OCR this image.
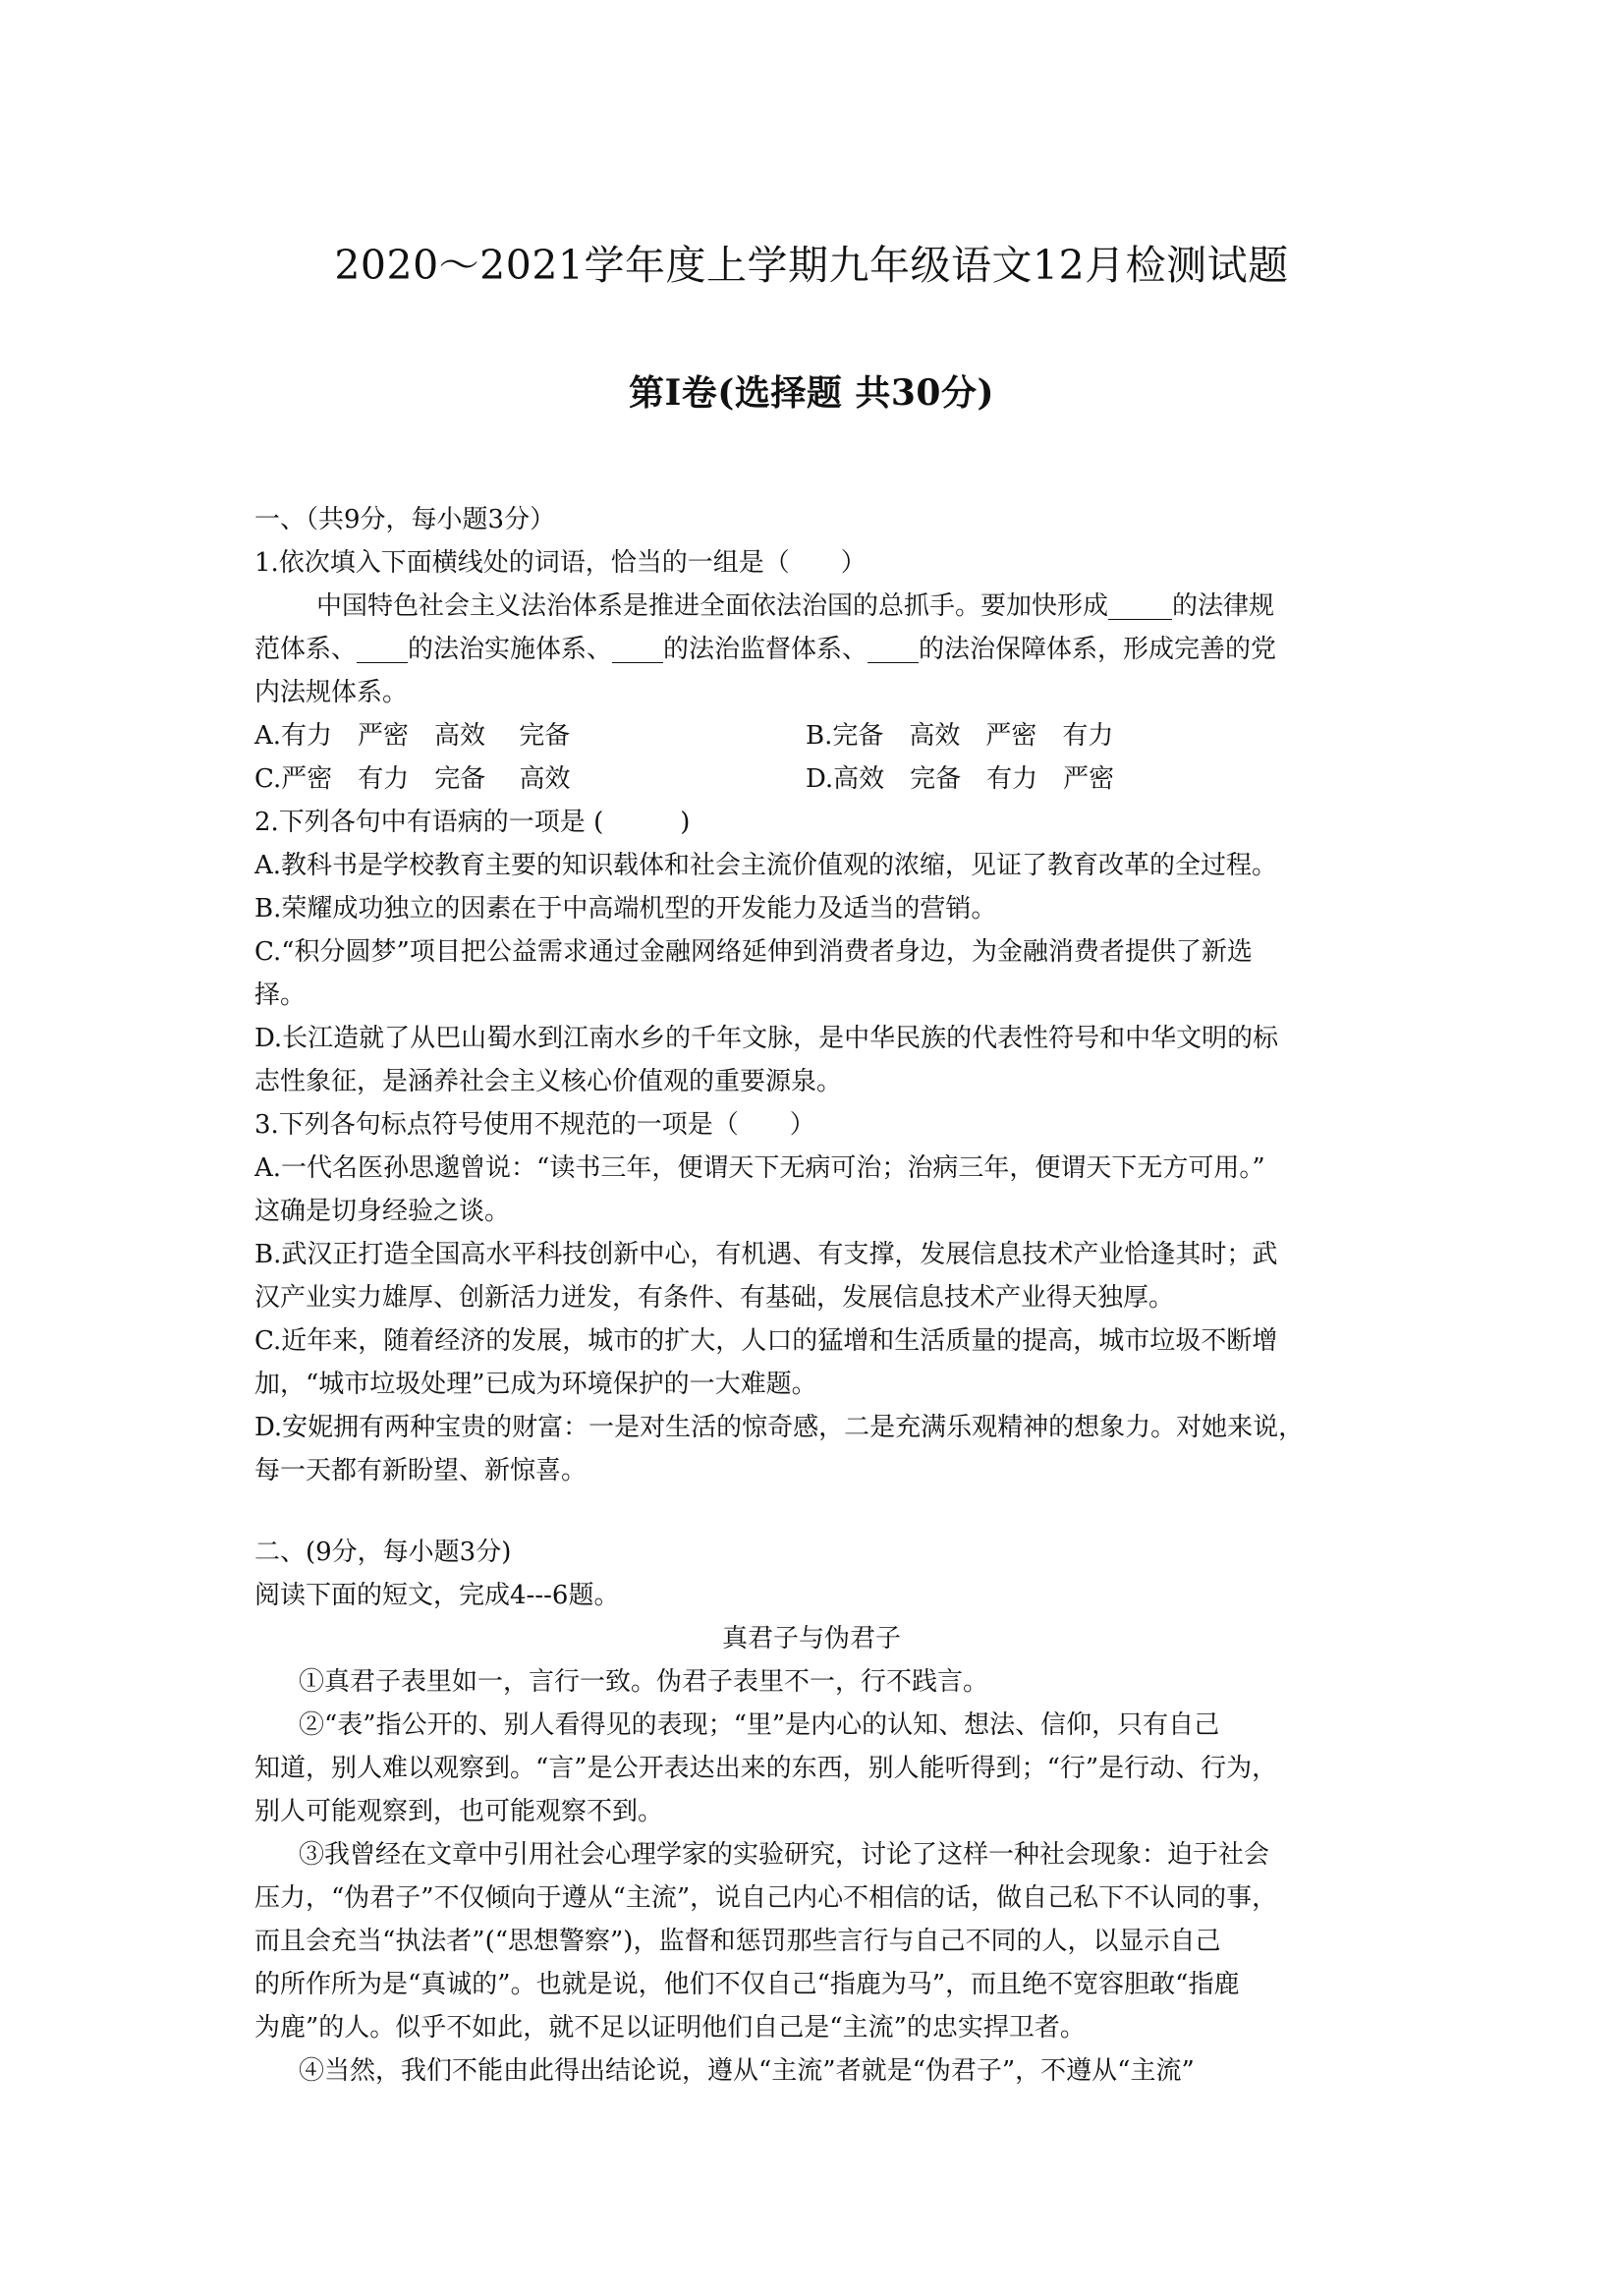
2020～2021学年度上学期九年级语文12月检测试题
第Ⅰ卷(选择题 共30分)
一、（共9分，每小题3分）
1.依次填入下面横线处的词语，恰当的一组是（　　）
中国特色社会主义法治体系是推进全面依法治国的总抓手。要加快形成_____的法律规
范体系、____的法治实施体系、____的法治监督体系、____的法治保障体系，形成完善的党
内法规体系。
A.有力　严密　高效　 完备	B.完备　高效　严密　有力
C.严密　有力　完备　 高效	D.高效　完备　有力　严密
2.下列各句中有语病的一项是 (　　　)
A.教科书是学校教育主要的知识载体和社会主流价值观的浓缩，见证了教育改革的全过程。
B.荣耀成功独立的因素在于中高端机型的开发能力及适当的营销。
C.“积分圆梦”项目把公益需求通过金融网络延伸到消费者身边，为金融消费者提供了新选
择。
D.长江造就了从巴山蜀水到江南水乡的千年文脉，是中华民族的代表性符号和中华文明的标
志性象征，是涵养社会主义核心价值观的重要源泉。
3.下列各句标点符号使用不规范的一项是（　　）
A.一代名医孙思邈曾说：“读书三年，便谓天下无病可治；治病三年，便谓天下无方可用。”
这确是切身经验之谈。
B.武汉正打造全国高水平科技创新中心，有机遇、有支撑，发展信息技术产业恰逢其时；武
汉产业实力雄厚、创新活力迸发，有条件、有基础，发展信息技术产业得天独厚。
C.近年来，随着经济的发展，城市的扩大，人口的猛增和生活质量的提高，城市垃圾不断增
加，“城市垃圾处理”已成为环境保护的一大难题。
D.安妮拥有两种宝贵的财富：一是对生活的惊奇感，二是充满乐观精神的想象力。对她来说，
每一天都有新盼望、新惊喜。
二、(9分，每小题3分)
阅读下面的短文，完成4---6题。
真君子与伪君子
①真君子表里如一，言行一致。伪君子表里不一，行不践言。
②“表”指公开的、别人看得见的表现；“里”是内心的认知、想法、信仰，只有自己
知道，别人难以观察到。“言”是公开表达出来的东西，别人能听得到；“行”是行动、行为，
别人可能观察到，也可能观察不到。
③我曾经在文章中引用社会心理学家的实验研究，讨论了这样一种社会现象：迫于社会
压力，“伪君子”不仅倾向于遵从“主流”，说自己内心不相信的话，做自己私下不认同的事，
而且会充当“执法者”(“思想警察”)，监督和惩罚那些言行与自己不同的人，以显示自己
的所作所为是“真诚的”。也就是说，他们不仅自己“指鹿为马”，而且绝不宽容胆敢“指鹿
为鹿”的人。似乎不如此，就不足以证明他们自己是“主流”的忠实捍卫者。
④当然，我们不能由此得出结论说，遵从“主流”者就是“伪君子”，不遵从“主流”
